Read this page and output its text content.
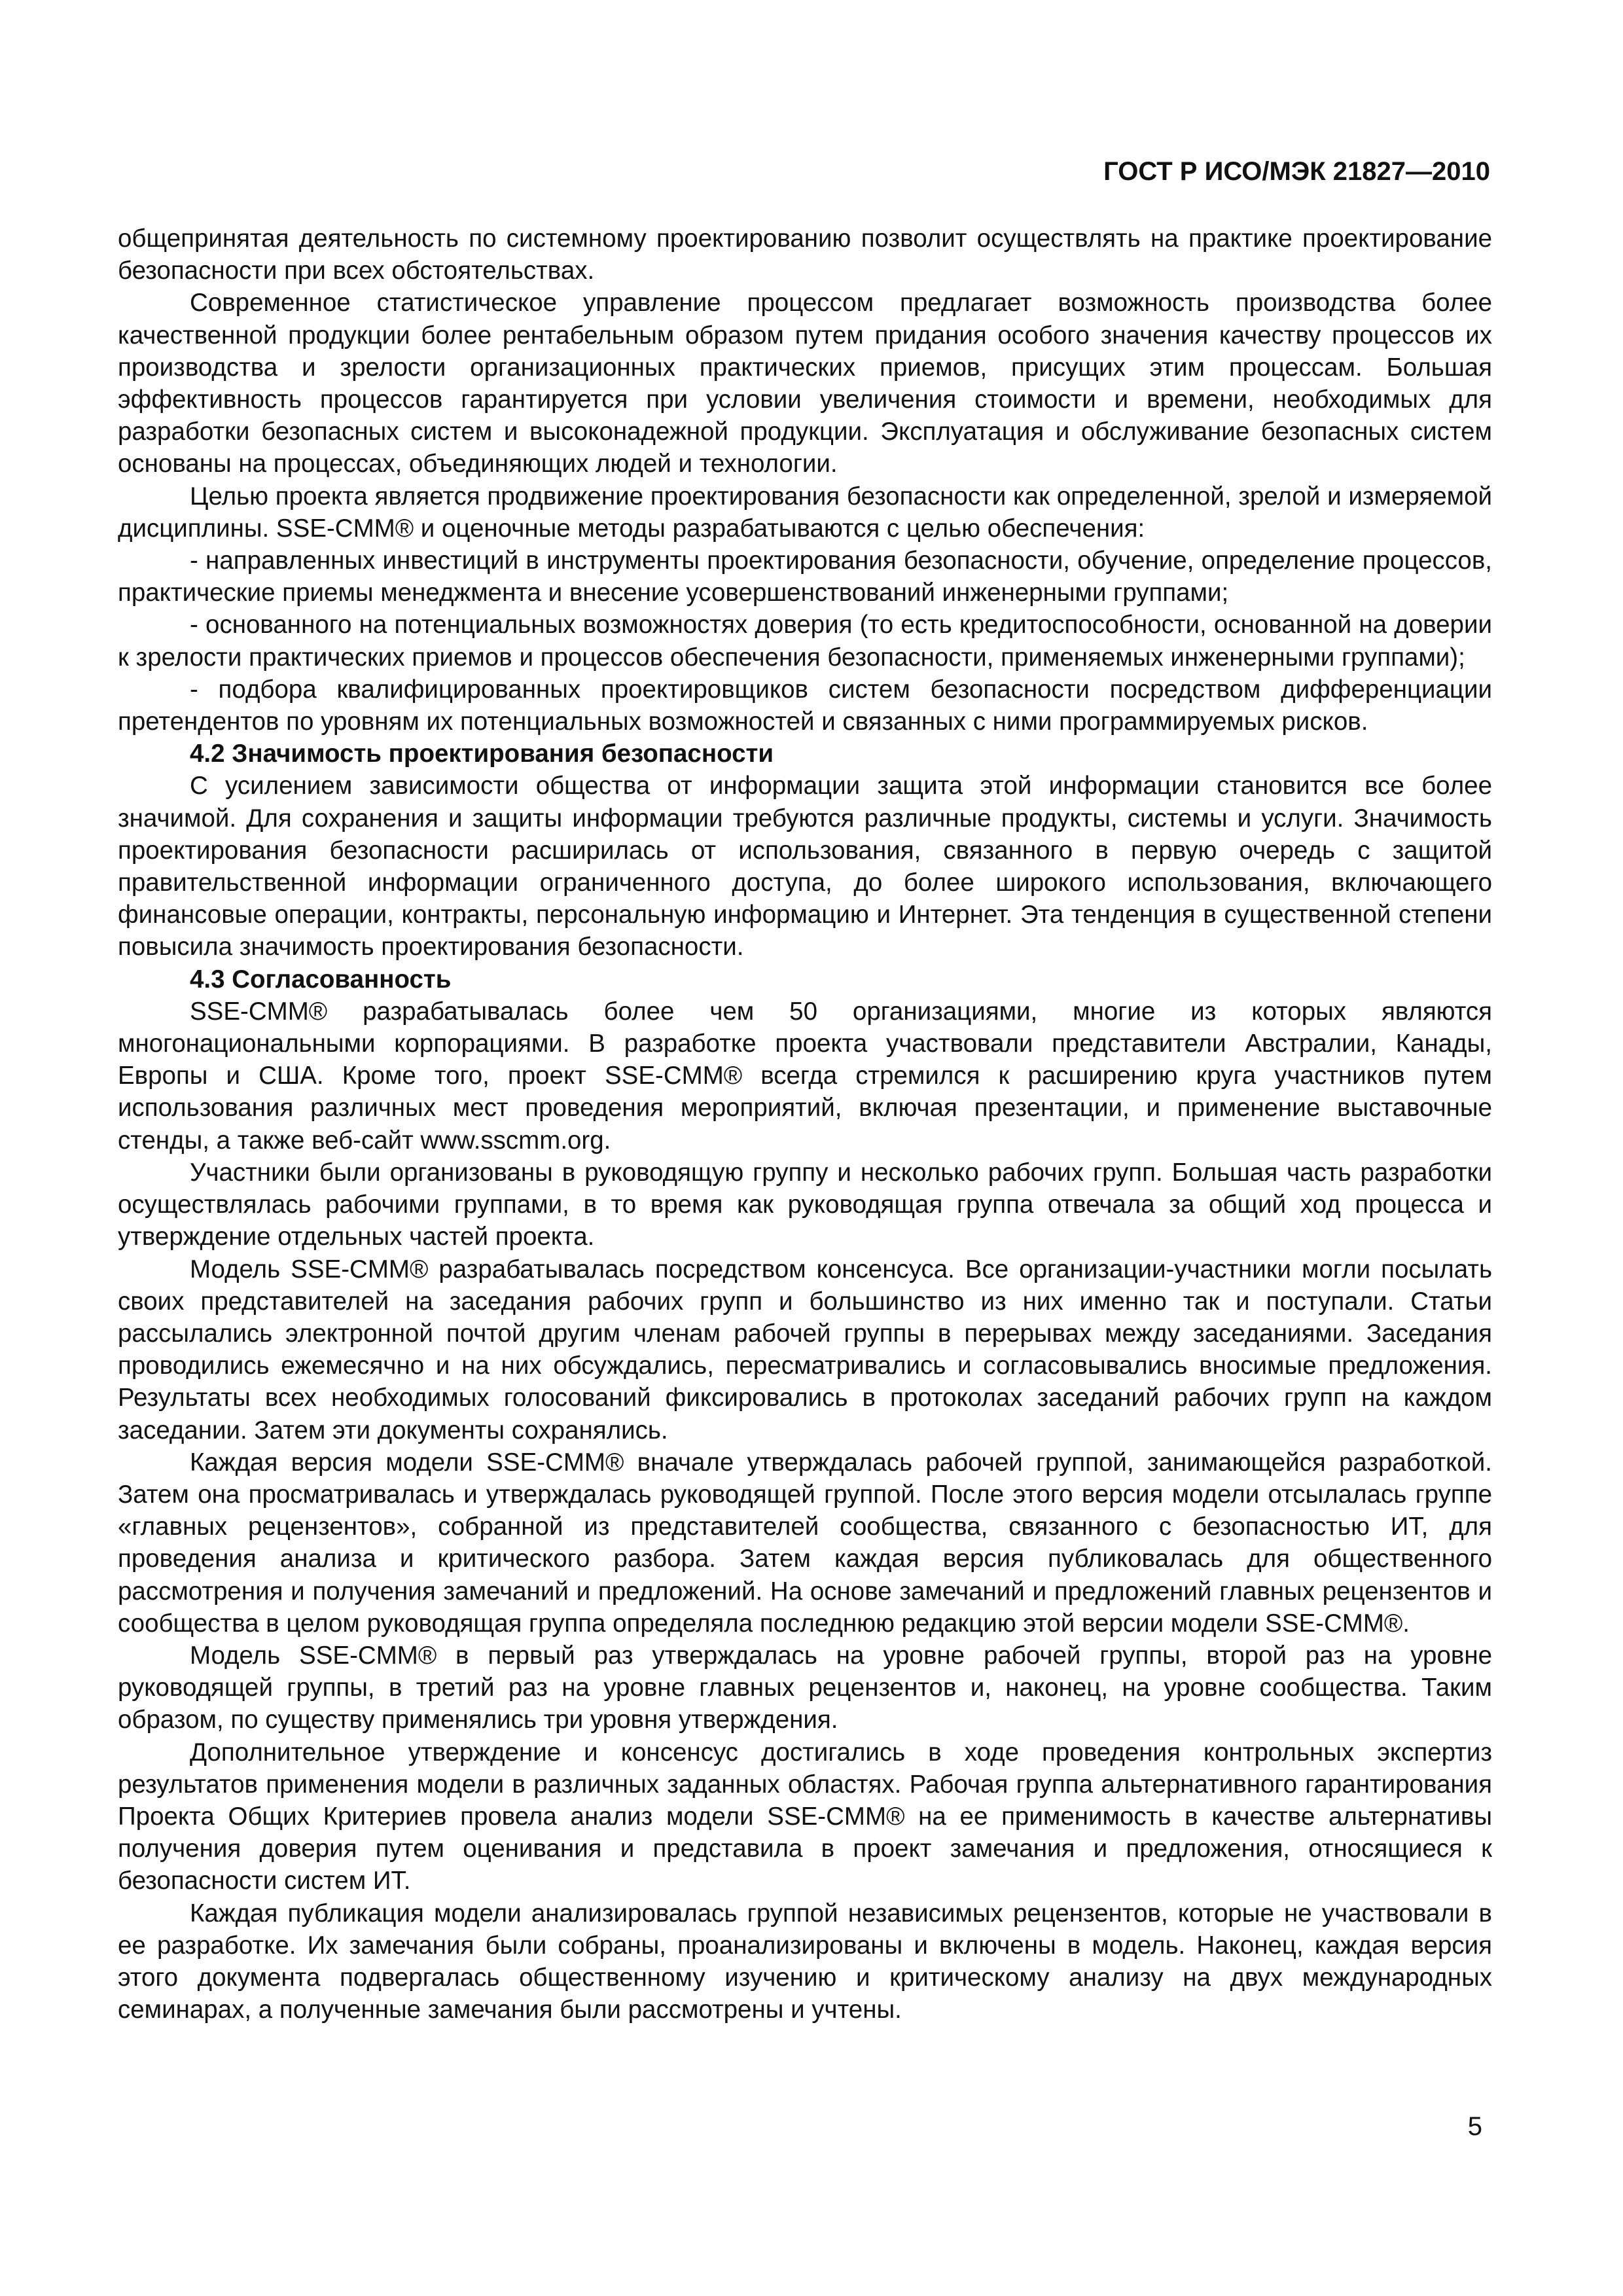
ГОСТ Р ИСО/МЭК 21827—2010

общепринятая деятельность по системному проектированию позволит осуществлять на практике проектирование безопасности при всех обстоятельствах.

Современное статистическое управление процессом предлагает возможность производства более качественной продукции более рентабельным образом путем придания особого значения качеству процессов их производства и зрелости организационных практических приемов, присущих этим процессам. Большая эффективность процессов гарантируется при условии увеличения стоимости и времени, необходимых для разработки безопасных систем и высоконадежной продукции. Эксплуатация и обслуживание безопасных систем основаны на процессах, объединяющих людей и технологии.

Целью проекта является продвижение проектирования безопасности как определенной, зрелой и измеряемой дисциплины. SSE-CMM® и оценочные методы разрабатываются с целью обеспечения:

- направленных инвестиций в инструменты проектирования безопасности, обучение, определение процессов, практические приемы менеджмента и внесение усовершенствований инженерными группами;

- основанного на потенциальных возможностях доверия (то есть кредитоспособности, основанной на доверии к зрелости практических приемов и процессов обеспечения безопасности, применяемых инженерными группами);

- подбора квалифицированных проектировщиков систем безопасности посредством дифференциации претендентов по уровням их потенциальных возможностей и связанных с ними программируемых рисков.

4.2 Значимость проектирования безопасности

С усилением зависимости общества от информации защита этой информации становится все более значимой. Для сохранения и защиты информации требуются различные продукты, системы и услуги. Значимость проектирования безопасности расширилась от использования, связанного в первую очередь с защитой правительственной информации ограниченного доступа, до более широкого использования, включающего финансовые операции, контракты, персональную информацию и Интернет. Эта тенденция в существенной степени повысила значимость проектирования безопасности.

4.3 Согласованность

SSE-CMM® разрабатывалась более чем 50 организациями, многие из которых являются многонациональными корпорациями. В разработке проекта участвовали представители Австралии, Канады, Европы и США. Кроме того, проект SSE-CMM® всегда стремился к расширению круга участников путем использования различных мест проведения мероприятий, включая презентации, и применение выставочные стенды, а также веб-сайт www.sscmm.org.

Участники были организованы в руководящую группу и несколько рабочих групп. Большая часть разработки осуществлялась рабочими группами, в то время как руководящая группа отвечала за общий ход процесса и утверждение отдельных частей проекта.

Модель SSE-CMM® разрабатывалась посредством консенсуса. Все организации-участники могли посылать своих представителей на заседания рабочих групп и большинство из них именно так и поступали. Статьи рассылались электронной почтой другим членам рабочей группы в перерывах между заседаниями. Заседания проводились ежемесячно и на них обсуждались, пересматривались и согласовывались вносимые предложения. Результаты всех необходимых голосований фиксировались в протоколах заседаний рабочих групп на каждом заседании. Затем эти документы сохранялись.

Каждая версия модели SSE-CMM® вначале утверждалась рабочей группой, занимающейся разработкой. Затем она просматривалась и утверждалась руководящей группой. После этого версия модели отсылалась группе «главных рецензентов», собранной из представителей сообщества, связанного с безопасностью ИТ, для проведения анализа и критического разбора. Затем каждая версия публиковалась для общественного рассмотрения и получения замечаний и предложений. На основе замечаний и предложений главных рецензентов и сообщества в целом руководящая группа определяла последнюю редакцию этой версии модели SSE-CMM®.

Модель SSE-CMM® в первый раз утверждалась на уровне рабочей группы, второй раз на уровне руководящей группы, в третий раз на уровне главных рецензентов и, наконец, на уровне сообщества. Таким образом, по существу применялись три уровня утверждения.

Дополнительное утверждение и консенсус достигались в ходе проведения контрольных экспертиз результатов применения модели в различных заданных областях. Рабочая группа альтернативного гарантирования Проекта Общих Критериев провела анализ модели SSE-CMM® на ее применимость в качестве альтернативы получения доверия путем оценивания и представила в проект замечания и предложения, относящиеся к безопасности систем ИТ.

Каждая публикация модели анализировалась группой независимых рецензентов, которые не участвовали в ее разработке. Их замечания были собраны, проанализированы и включены в модель. Наконец, каждая версия этого документа подвергалась общественному изучению и критическому анализу на двух международных семинарах, а полученные замечания были рассмотрены и учтены.

5
